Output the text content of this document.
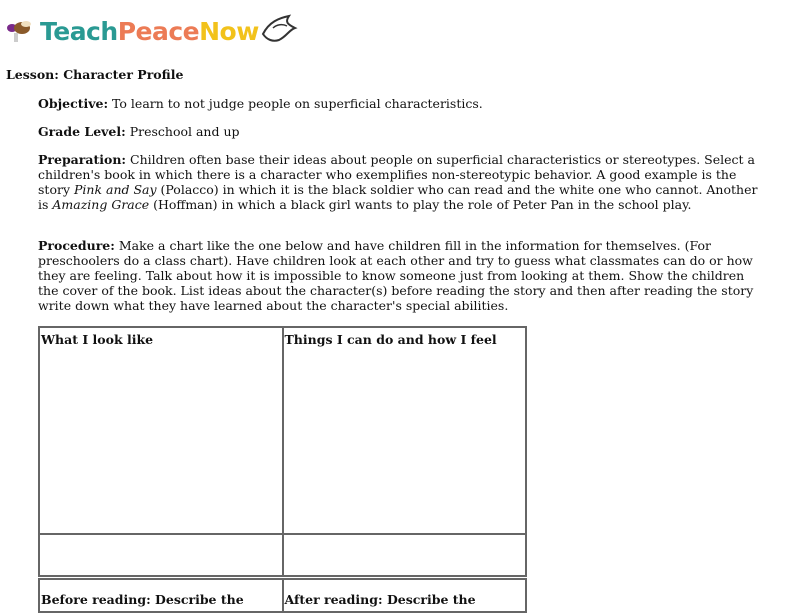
TeachPeaceNow
Lesson: Character Profile

Objective: To learn to not judge people on superficial characteristics.

Grade Level: Preschool and up

Preparation: Children often base their ideas about people on superficial characteristics or stereotypes. Select a children's book in which there is a character who exemplifies non-stereotypic behavior. A good example is the story Pink and Say (Polacco) in which it is the black soldier who can read and the white one who cannot. Another is Amazing Grace (Hoffman) in which a black girl wants to play the role of Peter Pan in the school play.

Procedure: Make a chart like the one below and have children fill in the information for themselves. (For preschoolers do a class chart). Have children look at each other and try to guess what classmates can do or how they are feeling. Talk about how it is impossible to know someone just from looking at them. Show the children the cover of the book. List ideas about the character(s) before reading the story and then after reading the story write down what they have learned about the character's special abilities.

What I look like	Things I can do and how I feel

Before reading: Describe the	After reading: Describe the
